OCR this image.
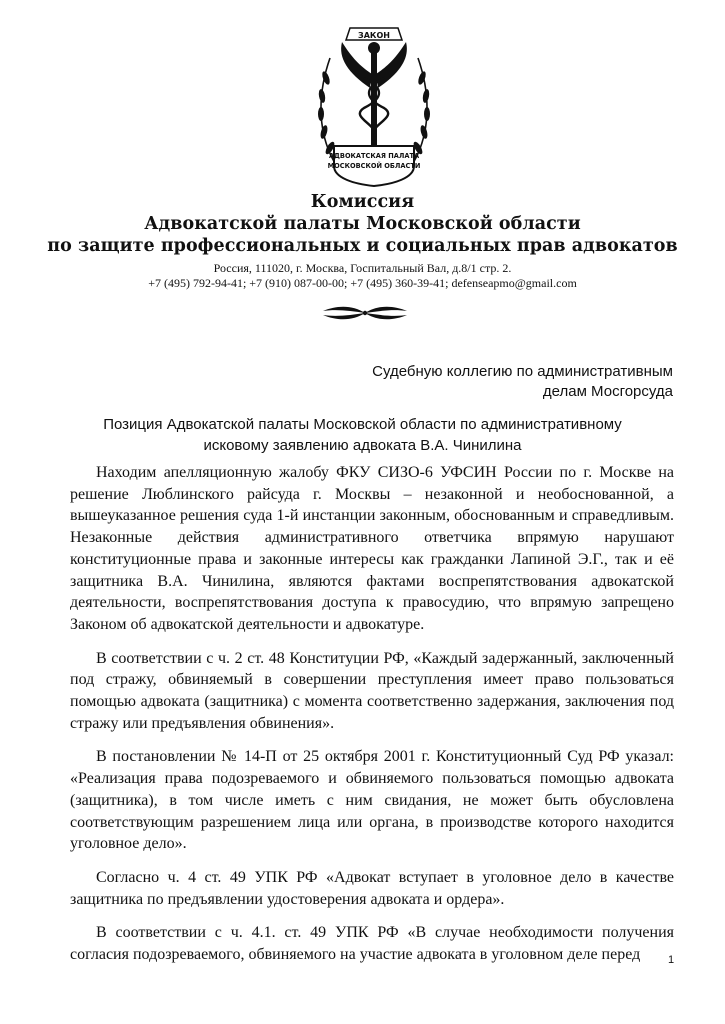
ЗАКОН
АДВОКАТСКАЯ ПАЛАТА
МОСКОВСКОЙ ОБЛАСТИ
Комиссия
Адвокатской палаты Московской области
по защите профессиональных и социальных прав адвокатов
Россия, 111020, г. Москва, Госпитальный Вал, д.8/1 стр. 2.
+7 (495) 792-94-41; +7 (910) 087-00-00; +7 (495) 360-39-41; defenseapmo@gmail.com
Судебную коллегию по административным
делам Мосгорсуда
Позиция Адвокатской палаты Московской области по административному
исковому заявлению адвоката В.А. Чинилина

Находим апелляционную жалобу ФКУ СИЗО-6 УФСИН России по г. Москве на решение Люблинского райсуда г. Москвы – незаконной и необоснованной, а вышеуказанное решения суда 1-й инстанции законным, обоснованным и справедливым. Незаконные действия административного ответчика впрямую нарушают конституционные права и законные интересы как гражданки Лапиной Э.Г., так и её защитника В.А. Чинилина, являются фактами воспрепятствования адвокатской деятельности, воспрепятствования доступа к правосудию, что впрямую запрещено Законом об адвокатской деятельности и адвокатуре.

В соответствии с ч. 2 ст. 48 Конституции РФ, «Каждый задержанный, заключенный под стражу, обвиняемый в совершении преступления имеет право пользоваться помощью адвоката (защитника) с момента соответственно задержания, заключения под стражу или предъявления обвинения».

В постановлении № 14-П от 25 октября 2001 г. Конституционный Суд РФ указал: «Реализация права подозреваемого и обвиняемого пользоваться помощью адвоката (защитника), в том числе иметь с ним свидания, не может быть обусловлена соответствующим разрешением лица или органа, в производстве которого находится уголовное дело».

Согласно ч. 4 ст. 49 УПК РФ «Адвокат вступает в уголовное дело в качестве защитника по предъявлении удостоверения адвоката и ордера».

В соответствии с ч. 4.1. ст. 49 УПК РФ «В случае необходимости получения согласия подозреваемого, обвиняемого на участие адвоката в уголовном деле перед	1
